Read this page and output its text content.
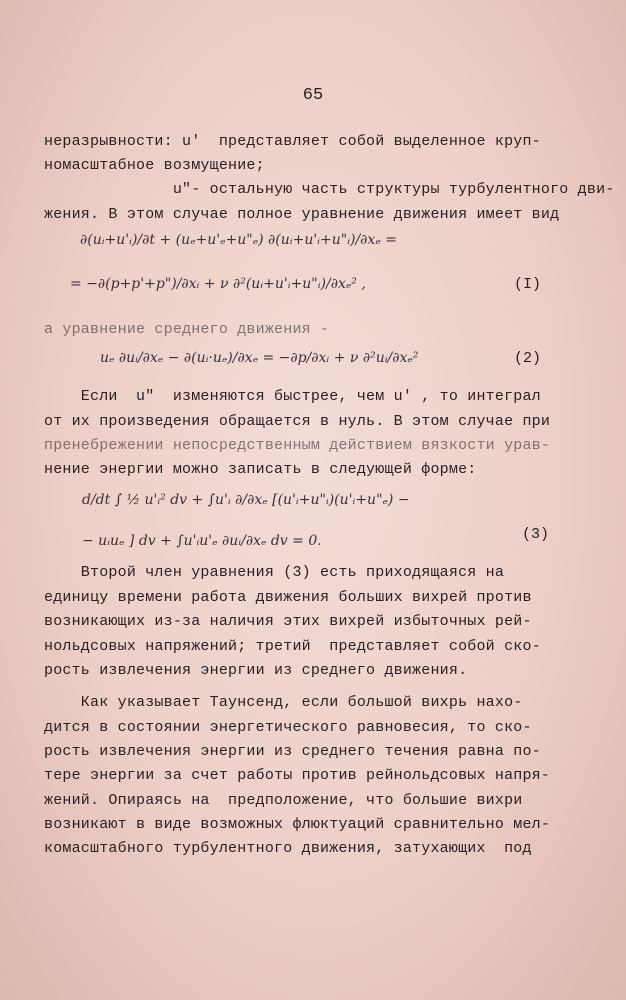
65
неразрывности: u'  представляет собой выделенное круп-
номасштабное возмущение;
u"- остальную часть структуры турбулентного дви-
жения. В этом случае полное уравнение движения имеет вид
∂(uᵢ+u'ᵢ)/∂t + (uₑ+u'ₑ+u"ₑ) ∂(uᵢ+u'ᵢ+u"ᵢ)/∂xₑ =
= −∂(p+p'+p")/∂xᵢ + ν ∂²(uᵢ+u'ᵢ+u"ᵢ)/∂xₑ² ,	(I)
а уравнение среднего движения -
uₑ ∂uᵢ/∂xₑ − ∂(uᵢ·uₑ)/∂xₑ = −∂p/∂xᵢ + ν ∂²uᵢ/∂xₑ²	(2)
Если  u"  изменяются быстрее, чем u' , то интеграл
от их произведения обращается в нуль. В этом случае при
пренебрежении непосредственным действием вязкости урав-
нение энергии можно записать в следующей форме:
d/dt ∫ ½ u'ᵢ² dv + ∫u'ᵢ ∂/∂xₑ [(u'ᵢ+u"ᵢ)(u'ᵢ+u"ₑ) −
− uᵢuₑ ] dv + ∫u'ᵢu'ₑ ∂uᵢ/∂xₑ dv = 0.	(3)
Второй член уравнения (3) есть приходящаяся на
единицу времени работа движения больших вихрей против
возникающих из-за наличия этих вихрей избыточных рей-
нольдсовых напряжений; третий  представляет собой ско-
рость извлечения энергии из среднего движения.
Как указывает Таунсенд, если большой вихрь нахо-
дится в состоянии энергетического равновесия, то ско-
рость извлечения энергии из среднего течения равна по-
тере энергии за счет работы против рейнольдсовых напря-
жений. Опираясь на  предположение, что большие вихри
возникают в виде возможных флюктуаций сравнительно мел-
комасштабного турбулентного движения, затухающих  под
